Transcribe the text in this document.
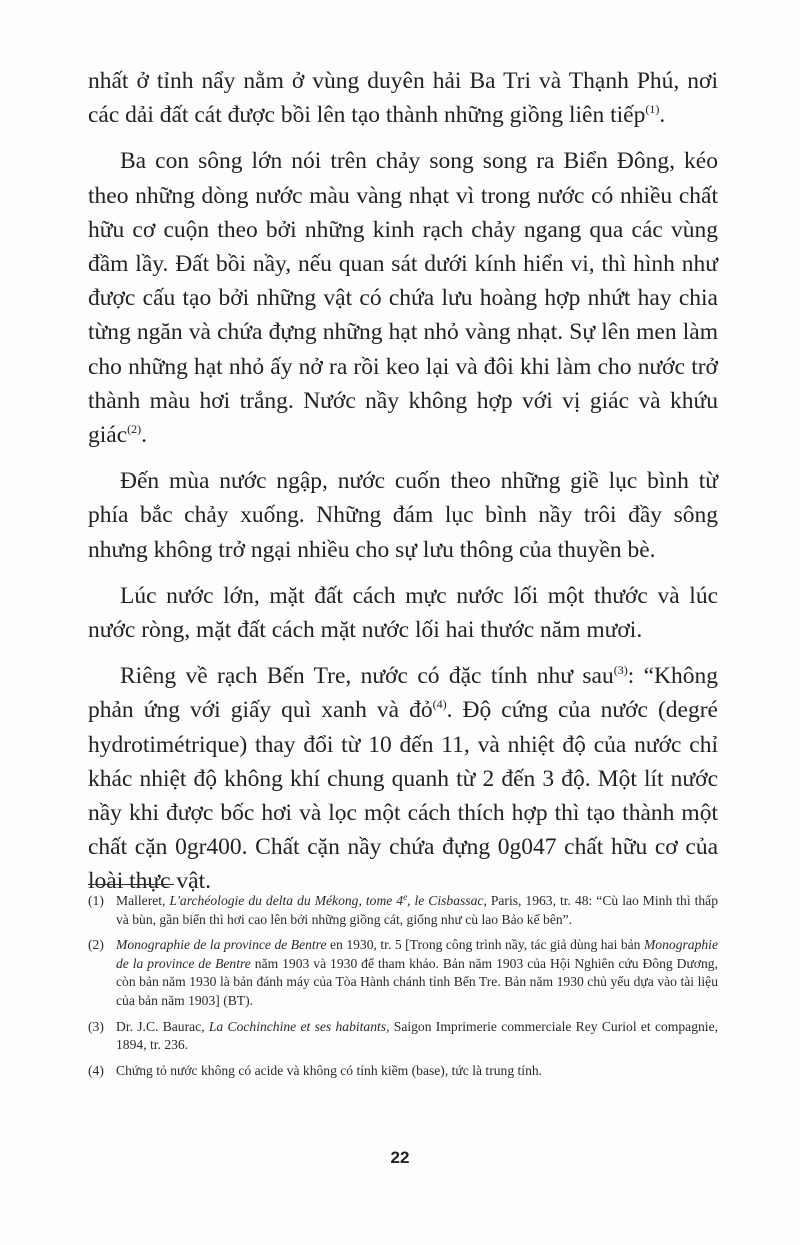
nhất ở tỉnh nẩy nằm ở vùng duyên hải Ba Tri và Thạnh Phú, nơi các dải đất cát được bồi lên tạo thành những giồng liên tiếp$^{(1)}$.

Ba con sông lớn nói trên chảy song song ra Biển Đông, kéo theo những dòng nước màu vàng nhạt vì trong nước có nhiều chất hữu cơ cuộn theo bởi những kinh rạch chảy ngang qua các vùng đầm lầy. Đất bồi nầy, nếu quan sát dưới kính hiển vi, thì hình như được cấu tạo bởi những vật có chứa lưu hoàng hợp nhứt hay chia từng ngăn và chứa đựng những hạt nhỏ vàng nhạt. Sự lên men làm cho những hạt nhỏ ấy nở ra rồi keo lại và đôi khi làm cho nước trở thành màu hơi trắng. Nước nầy không hợp với vị giác và khứu giác$^{(2)}$.

Đến mùa nước ngập, nước cuốn theo những giề lục bình từ phía bắc chảy xuống. Những đám lục bình nầy trôi đầy sông nhưng không trở ngại nhiều cho sự lưu thông của thuyền bè.

Lúc nước lớn, mặt đất cách mực nước lối một thước và lúc nước ròng, mặt đất cách mặt nước lối hai thước năm mươi.

Riêng về rạch Bến Tre, nước có đặc tính như sau$^{(3)}$: “Không phản ứng với giấy quì xanh và đỏ$^{(4)}$. Độ cứng của nước (degré hydrotimétrique) thay đổi từ 10 đến 11, và nhiệt độ của nước chỉ khác nhiệt độ không khí chung quanh từ 2 đến 3 độ. Một lít nước nầy khi được bốc hơi và lọc một cách thích hợp thì tạo thành một chất cặn 0gr400. Chất cặn nầy chứa đựng 0g047 chất hữu cơ của loài thực vật.

(1) Malleret, L'archéologie du delta du Mékong, tome 4e, le Cisbassac, Paris, 1963, tr. 48: “Cù lao Minh thì thấp và bùn, gần biển thì hơi cao lên bởi những giồng cát, giống như cù lao Bảo kế bên”.
(2) Monographie de la province de Bentre en 1930, tr. 5 [Trong công trình nầy, tác giả dùng hai bản Monographie de la province de Bentre năm 1903 và 1930 để tham khảo. Bản năm 1903 của Hội Nghiên cứu Đông Dương, còn bản năm 1930 là bản đánh máy của Tòa Hành chánh tỉnh Bến Tre. Bản năm 1930 chủ yếu dựa vào tài liệu của bản năm 1903] (BT).
(3) Dr. J.C. Baurac, La Cochinchine et ses habitants, Saigon Imprimerie commerciale Rey Curiol et compagnie, 1894, tr. 236.
(4) Chứng tỏ nước không có acide và không có tính kiềm (base), tức là trung tính.
22
